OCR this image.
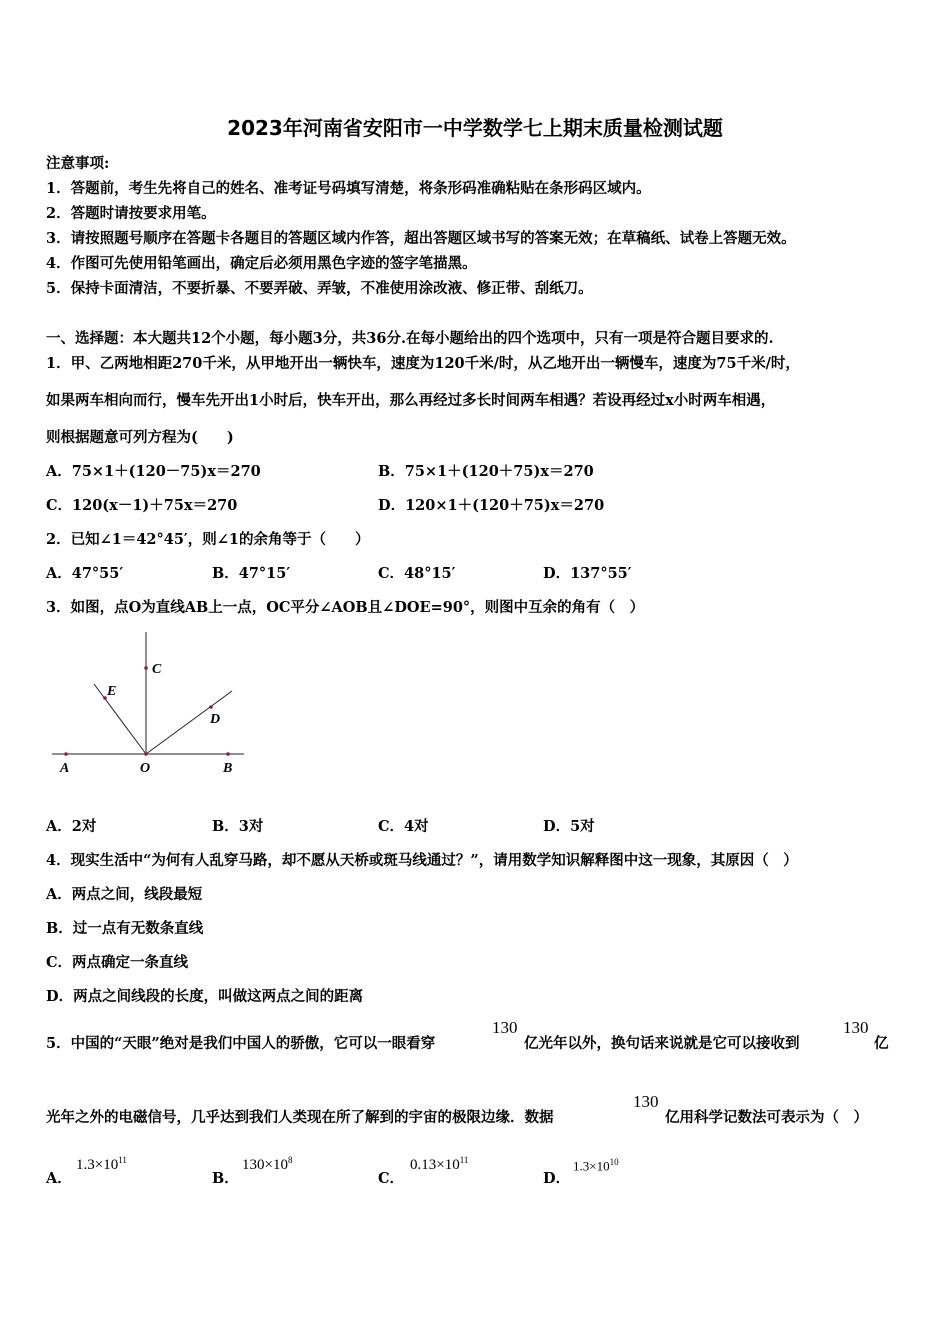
2023年河南省安阳市一中学数学七上期末质量检测试题
注意事项:
1．答题前，考生先将自己的姓名、准考证号码填写清楚，将条形码准确粘贴在条形码区域内。
2．答题时请按要求用笔。
3．请按照题号顺序在答题卡各题目的答题区域内作答，超出答题区域书写的答案无效；在草稿纸、试卷上答题无效。
4．作图可先使用铅笔画出，确定后必须用黑色字迹的签字笔描黑。
5．保持卡面清洁，不要折暴、不要弄破、弄皱，不准使用涂改液、修正带、刮纸刀。
一、选择题：本大题共12个小题，每小题3分，共36分.在每小题给出的四个选项中，只有一项是符合题目要求的.
1．甲、乙两地相距270千米，从甲地开出一辆快车，速度为120千米/时，从乙地开出一辆慢车，速度为75千米/时，
如果两车相向而行，慢车先开出1小时后，快车开出，那么再经过多长时间两车相遇？若设再经过x小时两车相遇，
则根据题意可列方程为(　　)
A．75×1＋(120－75)x＝270	B．75×1＋(120＋75)x＝270
C．120(x－1)＋75x＝270	D．120×1＋(120＋75)x＝270
2．已知∠1＝42°45′，则∠1的余角等于（　　）
A．47°55′	B．47°15′	C．48°15′	D．137°55′
3．如图，点O为直线AB上一点，OC平分∠AOB且∠DOE=90°，则图中互余的角有（　）
A	O	B
C
E
D
A．2对	B．3对	C．4对	D．5对
4．现实生活中“为何有人乱穿马路，却不愿从天桥或斑马线通过？”，请用数学知识解释图中这一现象，其原因（　）
A．两点之间，线段最短
B．过一点有无数条直线
C．两点确定一条直线
D．两点之间线段的长度，叫做这两点之间的距离
5．中国的“天眼”绝对是我们中国人的骄傲，它可以一眼看穿
130
亿光年以外，换句话来说就是它可以接收到
130
亿
光年之外的电磁信号，几乎达到我们人类现在所了解到的宇宙的极限边缘．数据
130
亿用科学记数法可表示为（　）
A．
$1.3\times 10^{11}$
B．
$130\times 10^8$
C．
$0.13\times 10^{11}$
D．
$1.3\times 10^{10}$
